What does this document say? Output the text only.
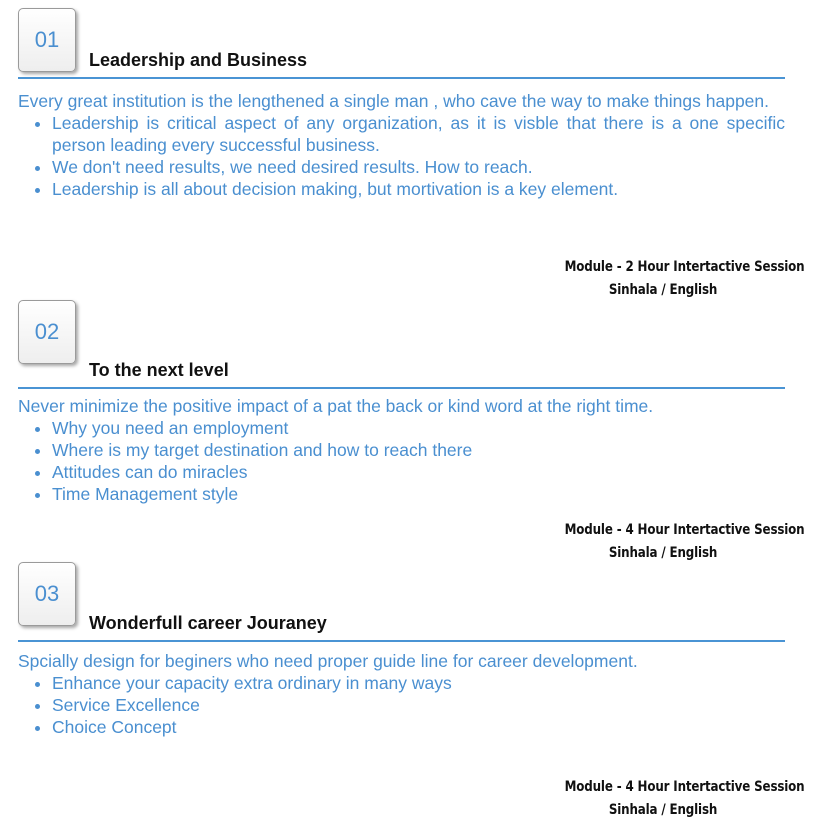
01
Leadership and Business

Every great institution is the lengthened a single man , who cave the way to make things happen.

• Leadership is critical aspect of any organization, as it is visble that there is a one specific person leading every successful business.
• We don't need results, we need desired results. How to reach.
• Leadership is all about decision making, but mortivation is a key element.
Module - 2 Hour Intertactive Session
Sinhala / English
02
To the next level

Never minimize the positive impact of a pat the back or kind word at the right time.

• Why you need an employment
• Where is my target destination and how to reach there
• Attitudes can do miracles
• Time Management style
Module - 4 Hour Intertactive Session
Sinhala / English
03
Wonderfull career Jouraney

Spcially design for beginers who need proper guide line for career development.

• Enhance your capacity extra ordinary in many ways
• Service Excellence
• Choice Concept
Module - 4 Hour Intertactive Session
Sinhala / English
